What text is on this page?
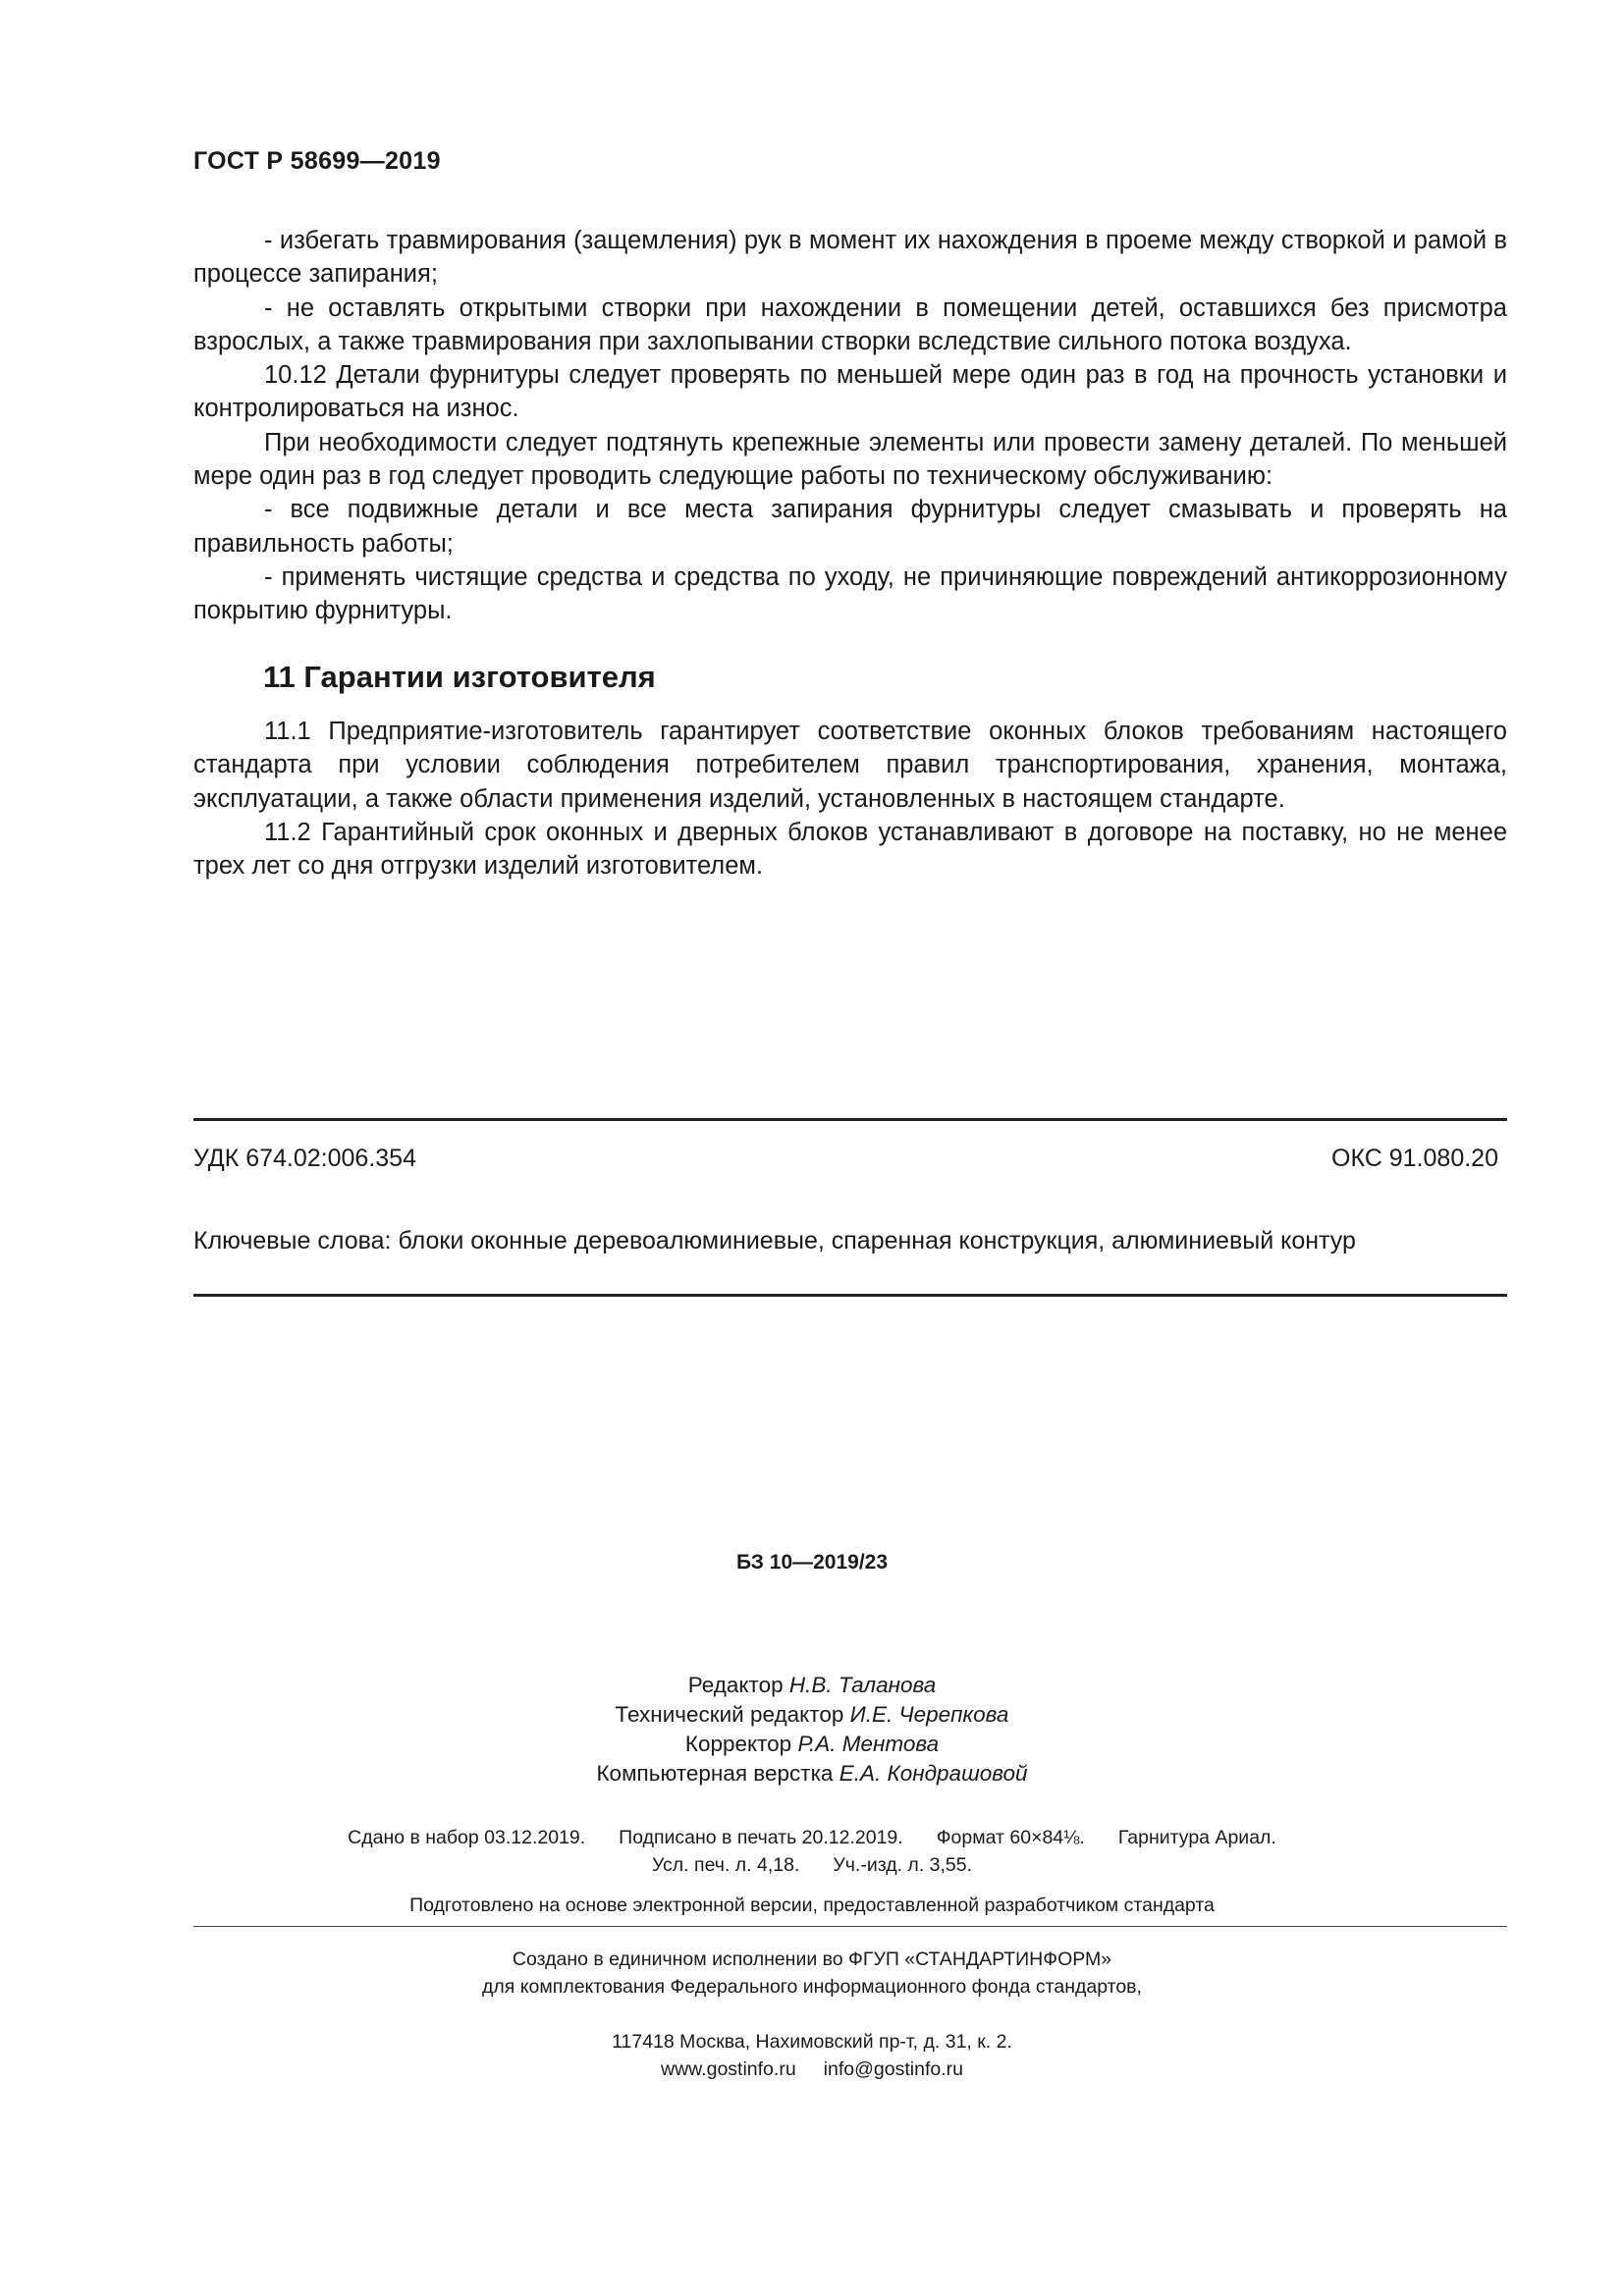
ГОСТ Р 58699—2019

- избегать травмирования (защемления) рук в момент их нахождения в проеме между створкой и рамой в процессе запирания;

- не оставлять открытыми створки при нахождении в помещении детей, оставшихся без присмотра взрослых, а также травмирования при захлопывании створки вследствие сильного потока воздуха.

10.12 Детали фурнитуры следует проверять по меньшей мере один раз в год на прочность установки и контролироваться на износ.

При необходимости следует подтянуть крепежные элементы или провести замену деталей. По меньшей мере один раз в год следует проводить следующие работы по техническому обслуживанию:

- все подвижные детали и все места запирания фурнитуры следует смазывать и проверять на правильность работы;

- применять чистящие средства и средства по уходу, не причиняющие повреждений антикоррозионному покрытию фурнитуры.

11 Гарантии изготовителя

11.1 Предприятие-изготовитель гарантирует соответствие оконных блоков требованиям настоящего стандарта при условии соблюдения потребителем правил транспортирования, хранения, монтажа, эксплуатации, а также области применения изделий, установленных в настоящем стандарте.

11.2 Гарантийный срок оконных и дверных блоков устанавливают в договоре на поставку, но не менее трех лет со дня отгрузки изделий изготовителем.

УДК 674.02:006.354	ОКС 91.080.20
Ключевые слова: блоки оконные деревоалюминиевые, спаренная конструкция, алюминиевый контур
БЗ 10—2019/23
Редактор Н.В. Таланова
Технический редактор И.Е. Черепкова
Корректор Р.А. Ментова
Компьютерная верстка Е.А. Кондрашовой
Сдано в набор 03.12.2019. Подписано в печать 20.12.2019. Формат 60×84⅛. Гарнитура Ариал.
Усл. печ. л. 4,18. Уч.-изд. л. 3,55.
Подготовлено на основе электронной версии, предоставленной разработчиком стандарта
Создано в единичном исполнении во ФГУП «СТАНДАРТИНФОРМ»
для комплектования Федерального информационного фонда стандартов,
117418 Москва, Нахимовский пр-т, д. 31, к. 2.
www.gostinfo.ru info@gostinfo.ru
